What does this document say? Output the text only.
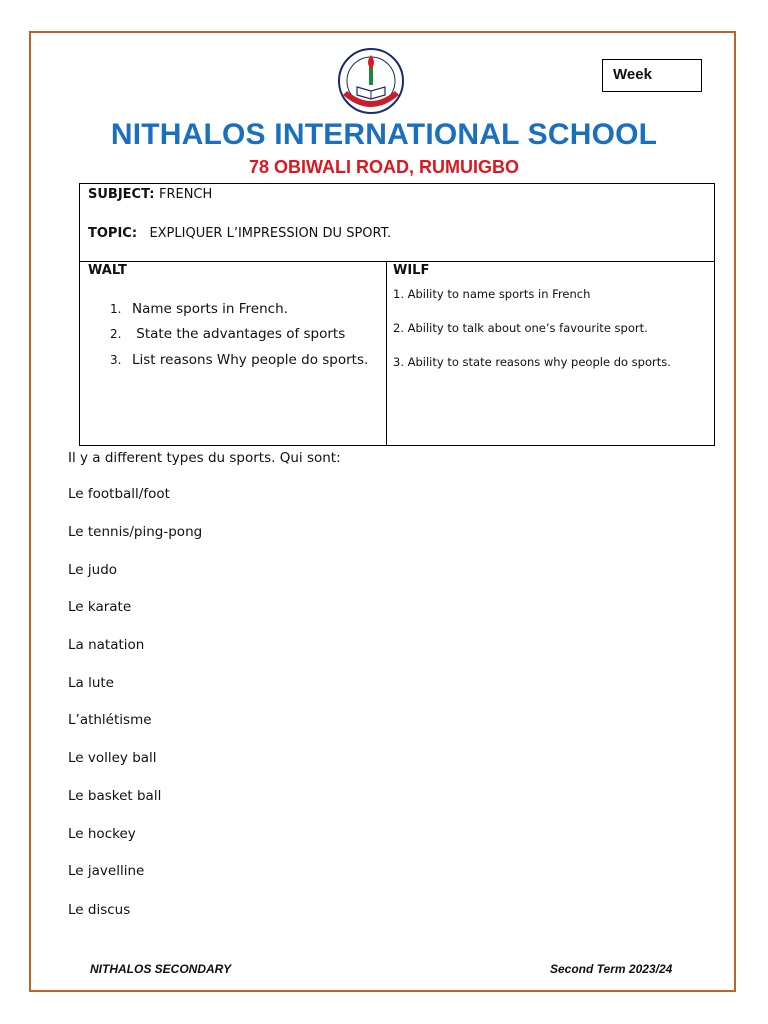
Week
NITHALOS INTERNATIONAL SCHOOL
78 OBIWALI ROAD, RUMUIGBO
SUBJECT: FRENCH
TOPIC: EXPLIQUER L’IMPRESSION DU SPORT.
WALT
1. Name sports in French.
2. State the advantages of sports
3. List reasons Why people do sports.
WILF
1. Ability to name sports in French
2. Ability to talk about one’s favourite sport.
3. Ability to state reasons why people do sports.
Il y a different types du sports. Qui sont:
Le football/foot
Le tennis/ping-pong
Le judo
Le karate
La natation
La lute
L’athlétisme
Le volley ball
Le basket ball
Le hockey
Le javelline
Le discus
NITHALOS SECONDARY	Second Term 2023/24
